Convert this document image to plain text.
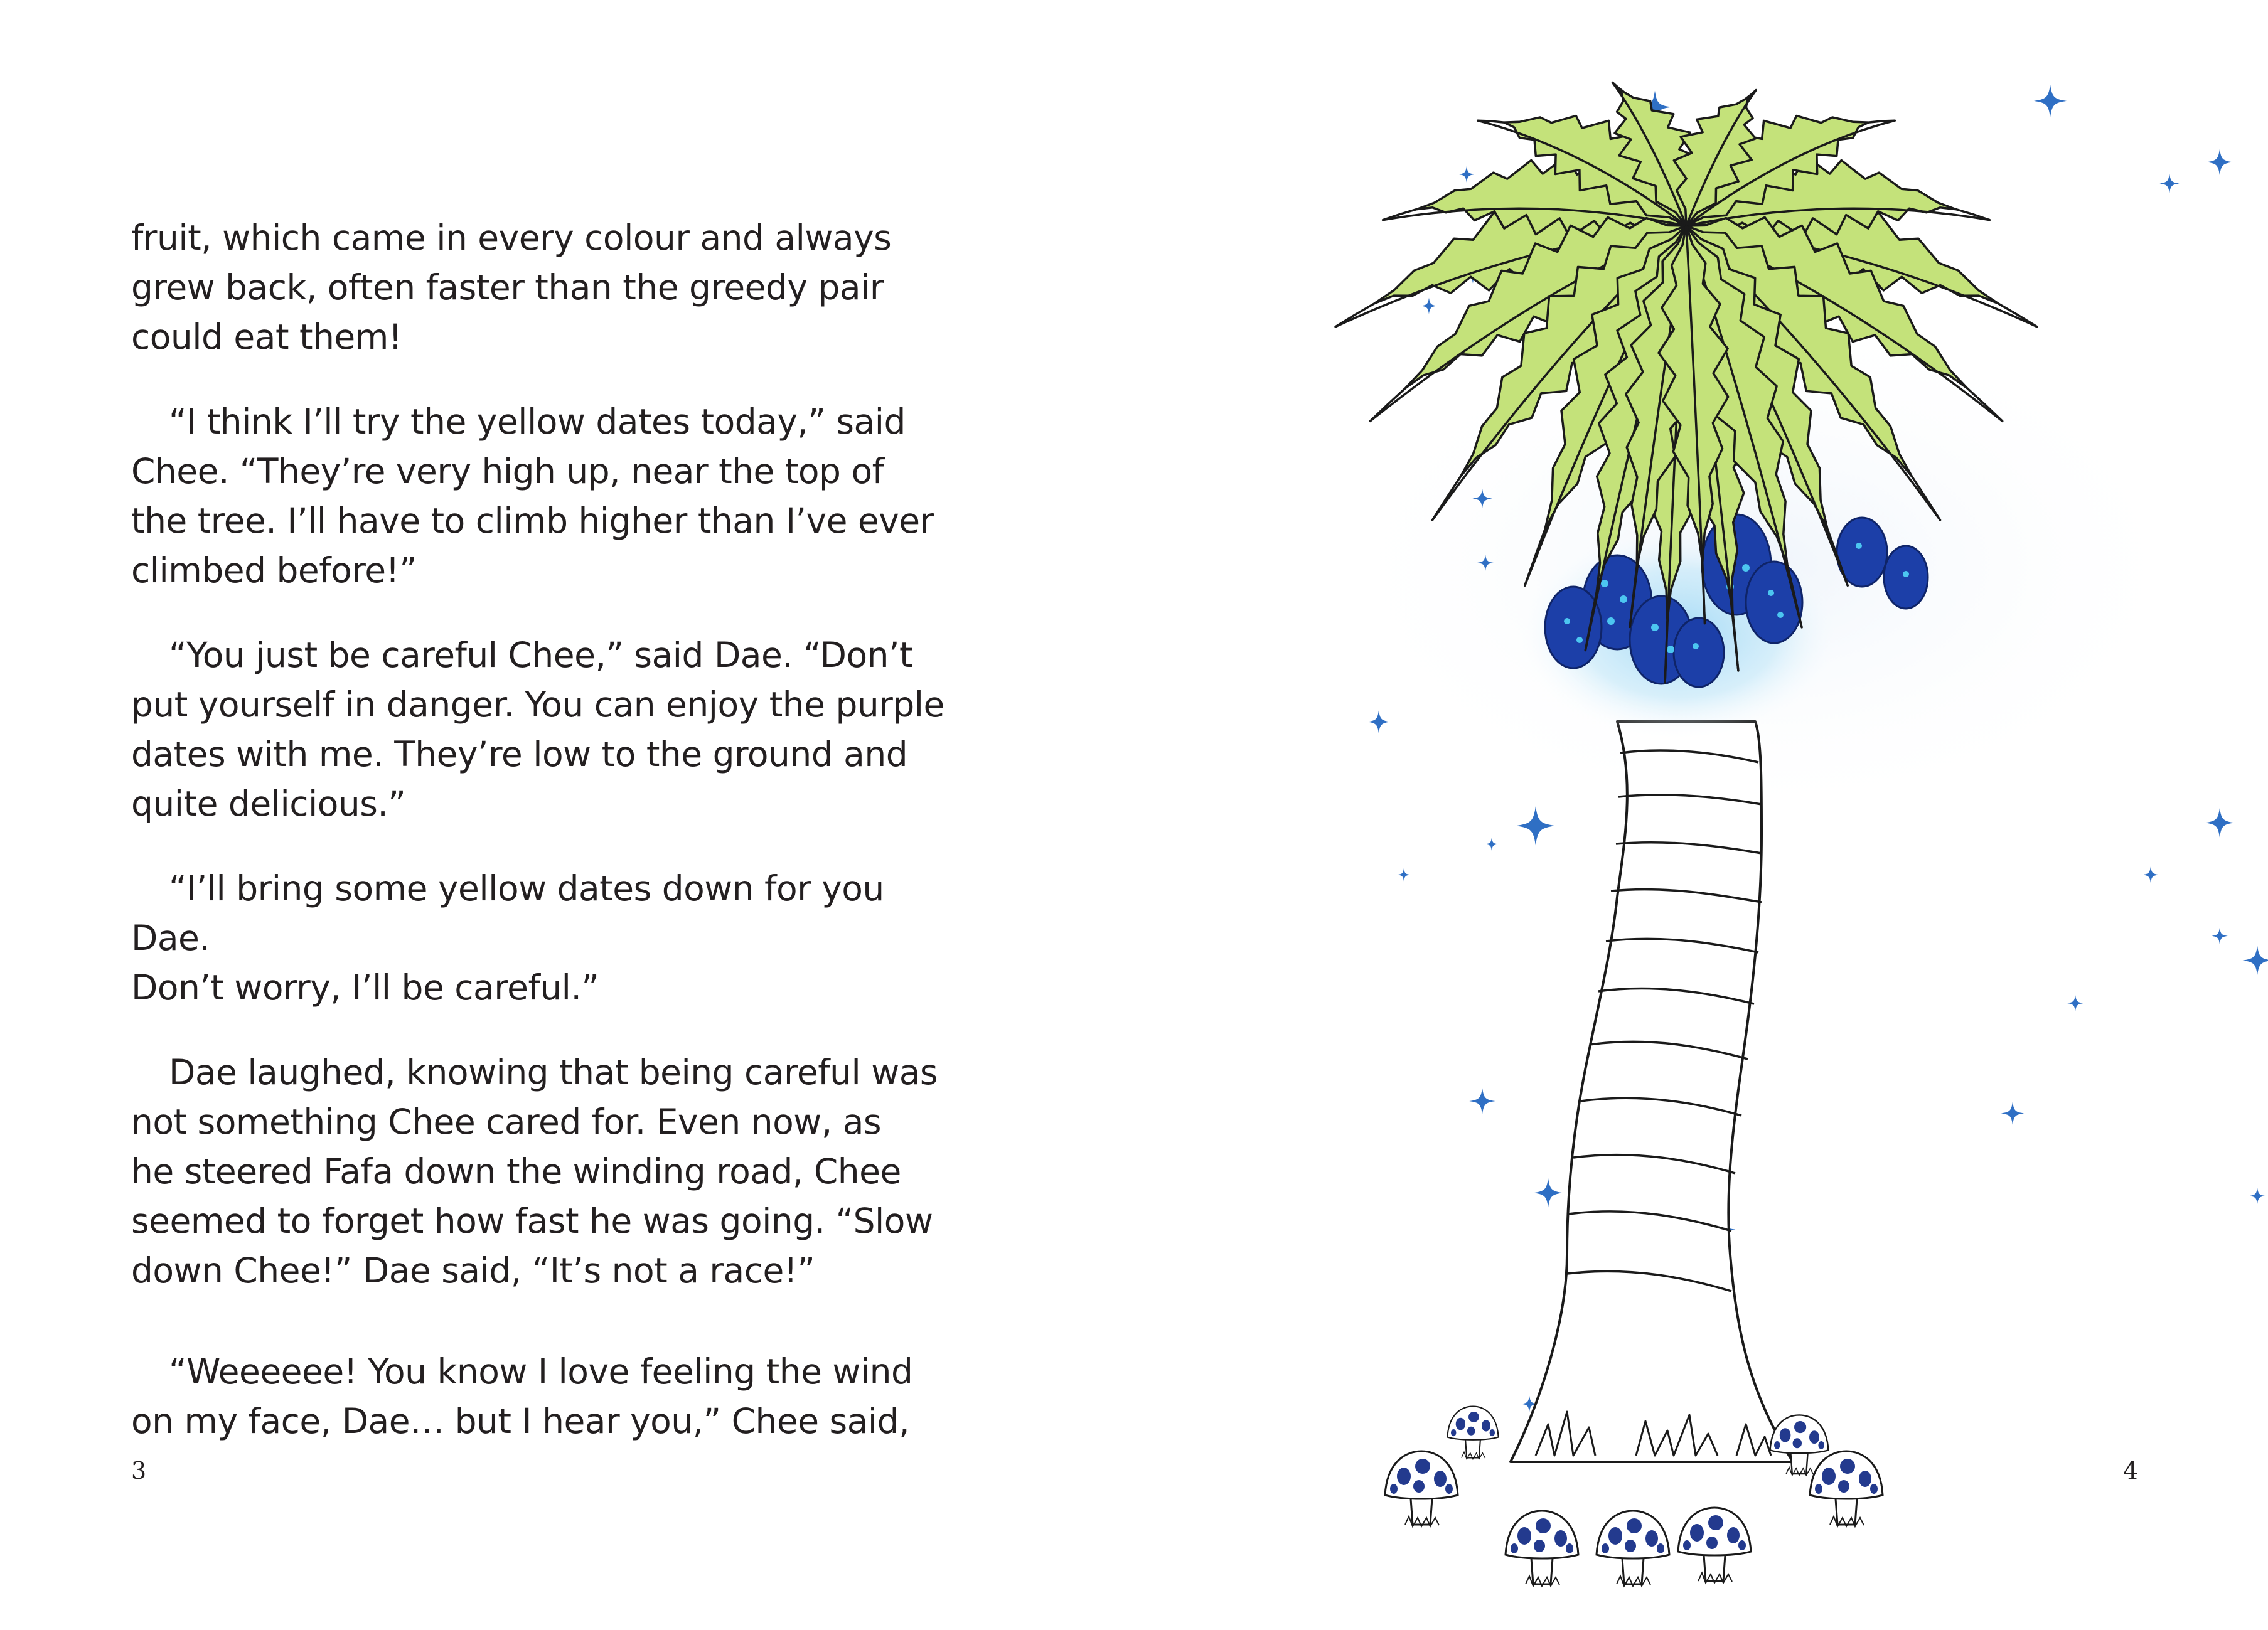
fruit, which came in every colour and always
grew back, often faster than the greedy pair
could eat them!

“I think I’ll try the yellow dates today,” said
Chee. “They’re very high up, near the top of
the tree. I’ll have to climb higher than I’ve ever
climbed before!”

“You just be careful Chee,” said Dae. “Don’t
put yourself in danger. You can enjoy the purple
dates with me. They’re low to the ground and
quite delicious.”

“I’ll bring some yellow dates down for you Dae.
Don’t worry, I’ll be careful.”

Dae laughed, knowing that being careful was
not something Chee cared for. Even now, as
he steered Fafa down the winding road, Chee
seemed to forget how fast he was going. “Slow
down Chee!” Dae said, “It’s not a race!”

“Weeeeee! You know I love feeling the wind
on my face, Dae… but I hear you,” Chee said,

3	4
